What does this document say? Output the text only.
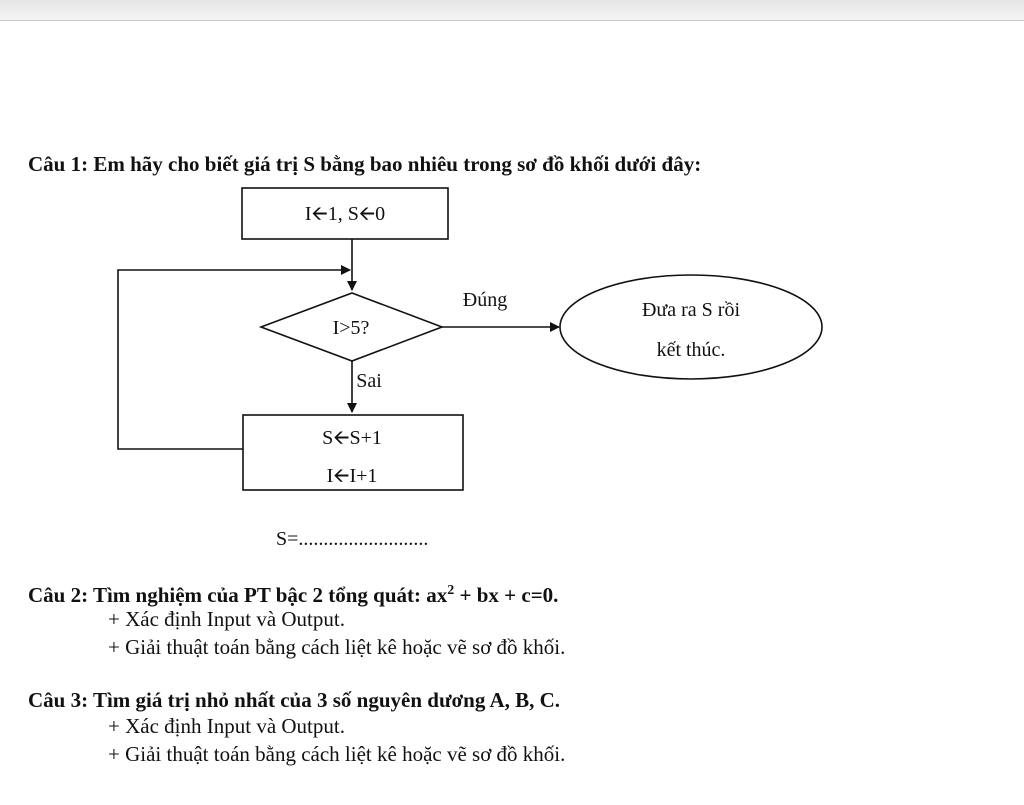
Câu 1: Em hãy cho biết giá trị S bằng bao nhiêu trong sơ đồ khối dưới đây:
I🡨1, S🡨0
I>5?
Đúng	Đưa ra S rồi
kết thúc.
Sai
S🡨S+1
I🡨I+1
S=..........................
Câu 2: Tìm nghiệm của PT bậc 2 tổng quát: $ax^2$ + bx + c=0.
+ Xác định Input và Output.
+ Giải thuật toán bằng cách liệt kê hoặc vẽ sơ đồ khối.
Câu 3: Tìm giá trị nhỏ nhất của 3 số nguyên dương A, B, C.
+ Xác định Input và Output.
+ Giải thuật toán bằng cách liệt kê hoặc vẽ sơ đồ khối.
